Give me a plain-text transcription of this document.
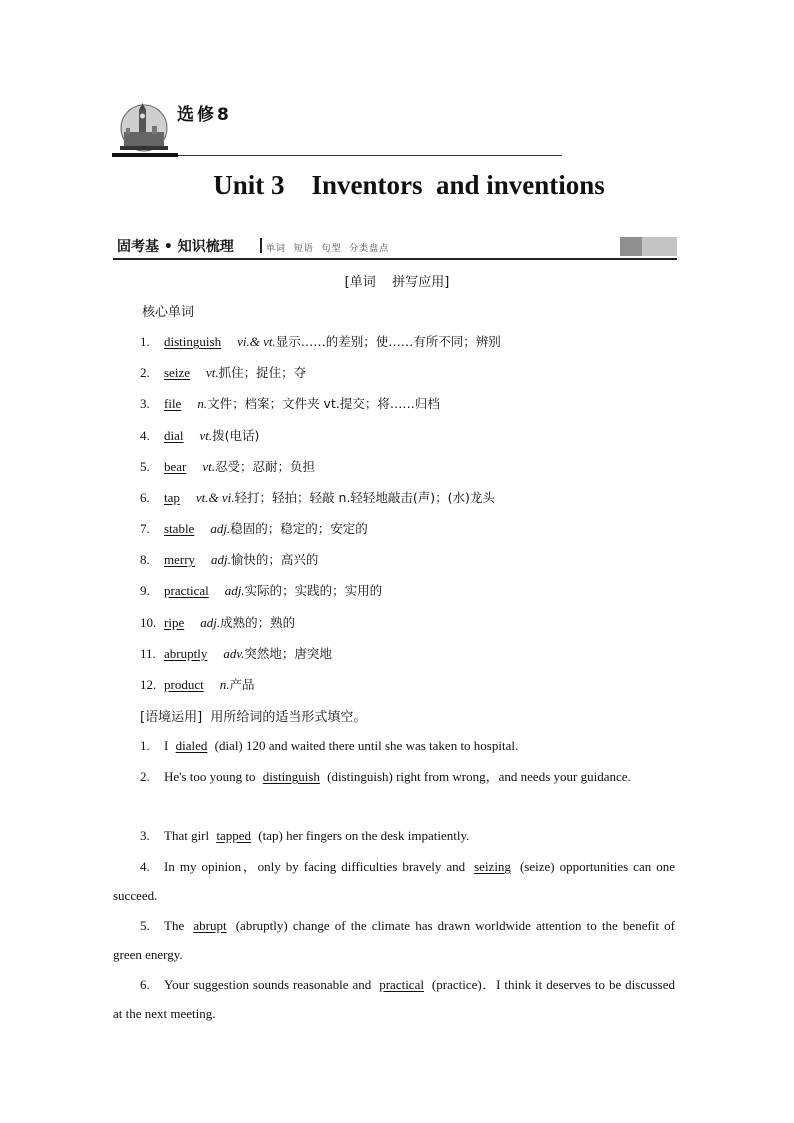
选修8
Unit 3    Inventors  and inventions
固考基 • 知识梳理	单词  短语  句型  分类盘点
[单词    拼写应用]
核心单词
1. distinguish vi.& vt.显示……的差别；使……有所不同；辨别
2. seize vt.抓住；捉住；夺
3. file n.文件；档案；文件夹 vt.提交；将……归档
4. dial vt.拨(电话)
5. bear vt.忍受；忍耐；负担
6. tap vt.& vi.轻打；轻拍；轻敲 n.轻轻地敲击(声)；(水)龙头
7. stable adj.稳固的；稳定的；安定的
8. merry adj.愉快的；高兴的
9. practical adj.实际的；实践的；实用的
10. ripe adj.成熟的；熟的
11. abruptly adv.突然地；唐突地
12. product n.产品
[语境运用]  用所给词的适当形式填空。
1. I dialed (dial) 120 and waited there until she was taken to hospital.
2. He's too young to distinguish (distinguish) right from wrong，and needs your guidance.
3. That girl tapped (tap) her fingers on the desk impatiently.
4. In my opinion，only by facing difficulties bravely and seizing (seize) opportunities can one succeed.
5. The abrupt (abruptly) change of the climate has drawn worldwide attention to the benefit of green energy.
6. Your suggestion sounds reasonable and practical (practice)．I think it deserves to be discussed at the next meeting.
